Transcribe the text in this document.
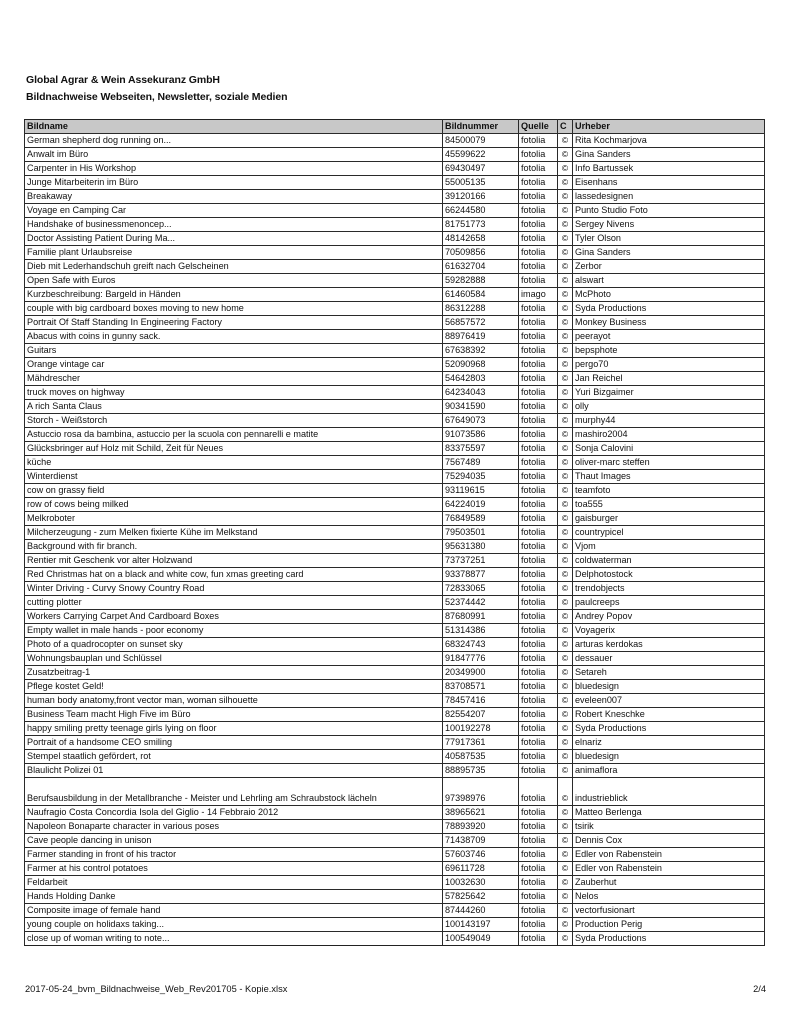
Global Agrar & Wein Assekuranz GmbH
Bildnachweise Webseiten, Newsletter, soziale Medien
Bildname	Bildnummer	Quelle	C	Urheber
German shepherd dog running on...	84500079	fotolia	©	Rita Kochmarjova
Anwalt im Büro	45599622	fotolia	©	Gina Sanders
Carpenter in His Workshop	69430497	fotolia	©	Info Bartussek
Junge Mitarbeiterin im Büro	55005135	fotolia	©	Eisenhans
Breakaway	39120166	fotolia	©	lassedesignen
Voyage en Camping Car	66244580	fotolia	©	Punto Studio Foto
Handshake of businessmenoncep...	81751773	fotolia	©	Sergey Nivens
Doctor Assisting Patient During Ma...	48142658	fotolia	©	Tyler Olson
Familie plant Urlaubsreise	70509856	fotolia	©	Gina Sanders
Dieb mit Lederhandschuh greift nach Gelscheinen	61632704	fotolia	©	Zerbor
Open Safe with Euros	59282888	fotolia	©	alswart
Kurzbeschreibung: Bargeld in Händen	61460584	imago	©	McPhoto
couple with big cardboard boxes moving to new home	86312288	fotolia	©	Syda Productions
Portrait Of Staff Standing In Engineering Factory	56857572	fotolia	©	Monkey Business
Abacus with coins in gunny sack.	88976419	fotolia	©	peerayot
Guitars	67638392	fotolia	©	bepsphote
Orange vintage car	52090968	fotolia	©	pergo70
Mähdrescher	54642803	fotolia	©	Jan Reichel
truck moves on highway	64234043	fotolia	©	Yuri Bizgaimer
A rich Santa Claus	90341590	fotolia	©	olly
Storch - Weißstorch	67649073	fotolia	©	murphy44
Astuccio rosa da bambina, astuccio per la scuola con pennarelli e matite	91073586	fotolia	©	mashiro2004
Glücksbringer auf Holz mit Schild, Zeit für Neues	83375597	fotolia	©	Sonja Calovini
küche	7567489	fotolia	©	oliver-marc steffen
Winterdienst	75294035	fotolia	©	Thaut Images
cow on grassy field	93119615	fotolia	©	teamfoto
row of cows being milked	64224019	fotolia	©	toa555
Melkroboter	76849589	fotolia	©	gaisburger
Milcherzeugung - zum Melken fixierte Kühe im Melkstand	79503501	fotolia	©	countrypicel
Background with fir branch.	95631380	fotolia	©	Vjom
Rentier mit Geschenk vor alter Holzwand	73737251	fotolia	©	coldwaterman
Red Christmas hat on a black and white cow, fun xmas greeting card	93378877	fotolia	©	Delphotostock
Winter Driving - Curvy Snowy Country Road	72833065	fotolia	©	trendobjects
cutting plotter	52374442	fotolia	©	paulcreeps
Workers Carrying Carpet And Cardboard Boxes	87680991	fotolia	©	Andrey Popov
Empty wallet in male hands - poor economy	51314386	fotolia	©	Voyagerix
Photo of a quadrocopter on sunset sky	68324743	fotolia	©	arturas kerdokas
Wohnungsbauplan und Schlüssel	91847776	fotolia	©	dessauer
Zusatzbeitrag-1	20349900	fotolia	©	Setareh
Pflege kostet Geld!	83708571	fotolia	©	bluedesign
human body anatomy,front vector man, woman silhouette	78457416	fotolia	©	eveleen007
Business Team macht High Five im Büro	82554207	fotolia	©	Robert Kneschke
happy smiling pretty teenage girls lying on floor	100192278	fotolia	©	Syda Productions
Portrait of a handsome CEO smiling	77917361	fotolia	©	elnariz
Stempel staatlich gefördert, rot	40587535	fotolia	©	bluedesign
Blaulicht Polizei 01	88895735	fotolia	©	animaflora
Berufsausbildung in der Metallbranche - Meister und Lehrling am Schraubstock lächeln	97398976	fotolia	©	industrieblick
Naufragio Costa Concordia Isola del Giglio - 14 Febbraio 2012	38965621	fotolia	©	Matteo Berlenga
Napoleon Bonaparte character in various poses	78893920	fotolia	©	tsirik
Cave people dancing in unison	71438709	fotolia	©	Dennis Cox
Farmer standing in front of his tractor	57603746	fotolia	©	Edler von Rabenstein
Farmer at his control potatoes	69611728	fotolia	©	Edler von Rabenstein
Feldarbeit	10032630	fotolia	©	Zauberhut
Hands Holding Danke	57825642	fotolia	©	Nelos
Composite image of female hand	87444260	fotolia	©	vectorfusionart
young couple on holidaxs taking...	100143197	fotolia	©	Production Perig
close up of woman writing to note...	100549049	fotolia	©	Syda Productions
2017-05-24_bvm_Bildnachweise_Web_Rev201705 - Kopie.xlsx	2/4
